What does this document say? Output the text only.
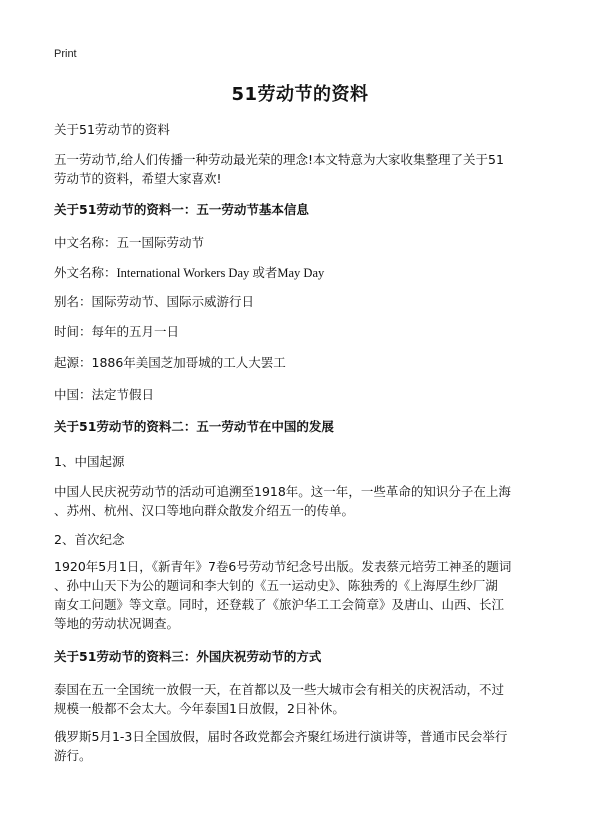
Print
51劳动节的资料
关于51劳动节的资料
五一劳动节,给人们传播一种劳动最光荣的理念!本文特意为大家收集整理了关于51
劳动节的资料，希望大家喜欢!
关于51劳动节的资料一：五一劳动节基本信息
中文名称：五一国际劳动节
外文名称：International Workers Day 或者May Day
别名：国际劳动节、国际示威游行日
时间：每年的五月一日
起源：1886年美国芝加哥城的工人大罢工
中国：法定节假日
关于51劳动节的资料二：五一劳动节在中国的发展
1、中国起源
中国人民庆祝劳动节的活动可追溯至1918年。这一年，一些革命的知识分子在上海
、苏州、杭州、汉口等地向群众散发介绍五一的传单。
2、首次纪念
1920年5月1日，《新青年》7卷6号劳动节纪念号出版。发表蔡元培劳工神圣的题词
、孙中山天下为公的题词和李大钊的《五一运动史》、陈独秀的《上海厚生纱厂湖
南女工问题》等文章。同时，还登载了《旅沪华工工会简章》及唐山、山西、长江
等地的劳动状况调查。
关于51劳动节的资料三：外国庆祝劳动节的方式
泰国在五一全国统一放假一天，在首都以及一些大城市会有相关的庆祝活动，不过
规模一般都不会太大。今年泰国1日放假，2日补休。
俄罗斯5月1-3日全国放假，届时各政党都会齐聚红场进行演讲等，普通市民会举行
游行。
